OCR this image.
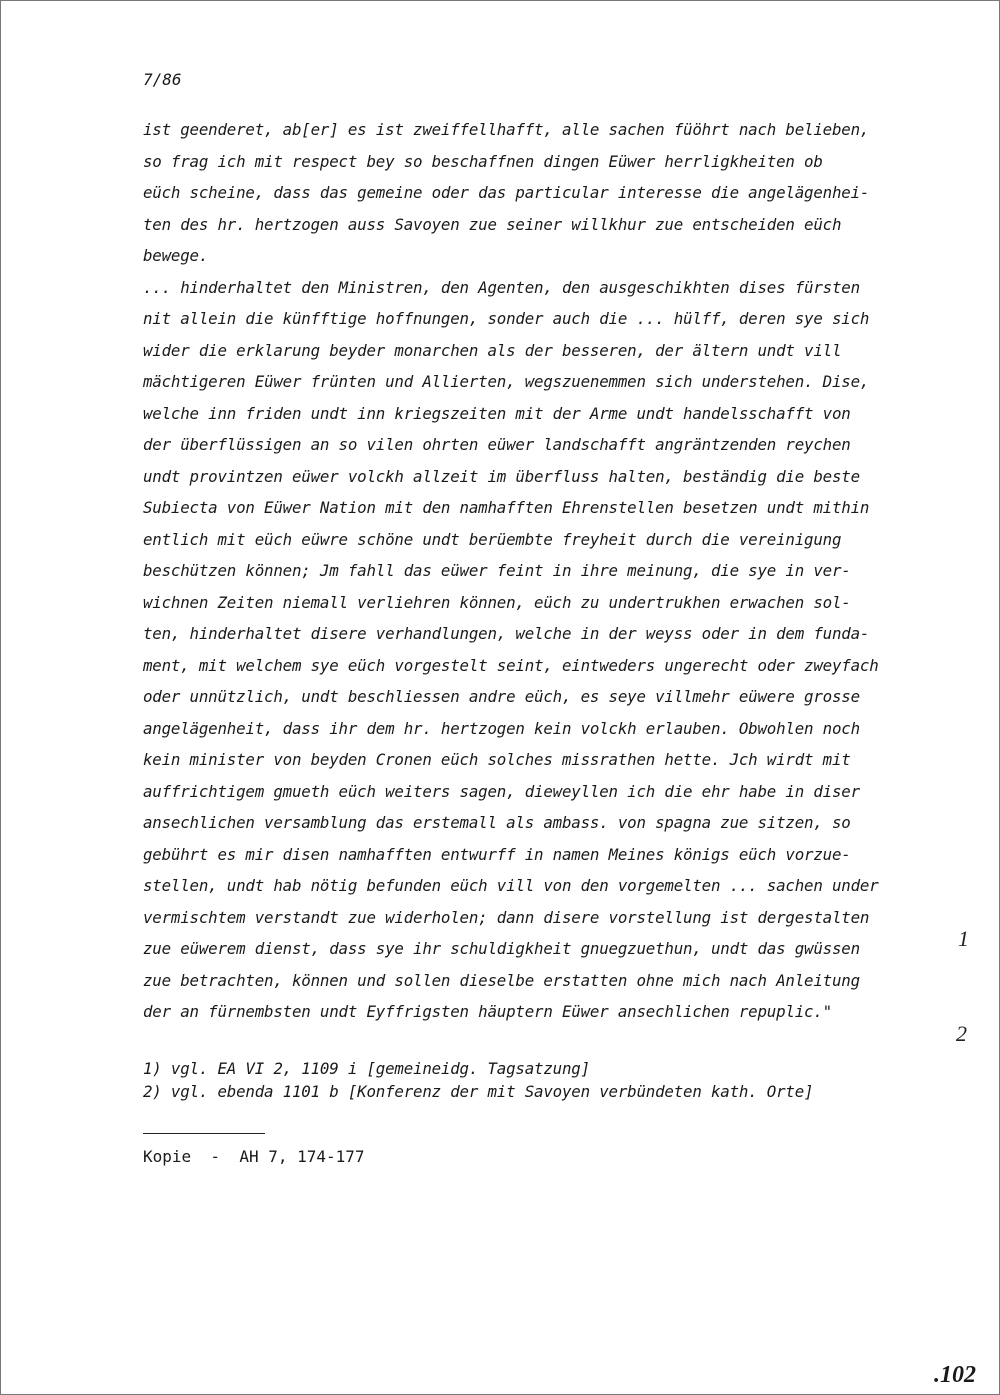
7/86
ist geenderet, ab[er] es ist zweiffellhafft, alle sachen füöhrt nach belieben,
so frag ich mit respect bey so beschaffnen dingen Eüwer herrligkheiten ob
eüch scheine, dass das gemeine oder das particular interesse die angelägenhei-
ten des hr. hertzogen auss Savoyen zue seiner willkhur zue entscheiden eüch
bewege.
... hinderhaltet den Ministren, den Agenten, den ausgeschikhten dises fürsten
nit allein die künfftige hoffnungen, sonder auch die ... hülff, deren sye sich
wider die erklarung beyder monarchen als der besseren, der ältern undt vill
mächtigeren Eüwer frünten und Allierten, wegszuenemmen sich understehen. Dise,
welche inn friden undt inn kriegszeiten mit der Arme undt handelsschafft von
der überflüssigen an so vilen ohrten eüwer landschafft angräntzenden reychen
undt provintzen eüwer volckh allzeit im überfluss halten, beständig die beste
Subiecta von Eüwer Nation mit den namhafften Ehrenstellen besetzen undt mithin
entlich mit eüch eüwre schöne undt berüembte freyheit durch die vereinigung
beschützen können; Jm fahll das eüwer feint in ihre meinung, die sye in ver-
wichnen Zeiten niemall verliehren können, eüch zu undertrukhen erwachen sol-
ten, hinderhaltet disere verhandlungen, welche in der weyss oder in dem funda-
ment, mit welchem sye eüch vorgestelt seint, eintweders ungerecht oder zweyfach
oder unnützlich, undt beschliessen andre eüch, es seye villmehr eüwere grosse
angelägenheit, dass ihr dem hr. hertzogen kein volckh erlauben. Obwohlen noch
kein minister von beyden Cronen eüch solches missrathen hette. Jch wirdt mit
auffrichtigem gmueth eüch weiters sagen, dieweyllen ich die ehr habe in diser
ansechlichen versamblung das erstemall als ambass. von spagna zue sitzen, so
gebührt es mir disen namhafften entwurff in namen Meines königs eüch vorzue-
stellen, undt hab nötig befunden eüch vill von den vorgemelten ... sachen under
vermischtem verstandt zue widerholen; dann disere vorstellung ist dergestalten
zue eüwerem dienst, dass sye ihr schuldigkheit gnuegzuethun, undt das gwüssen
zue betrachten, können und sollen dieselbe erstatten ohne mich nach Anleitung
der an fürnembsten undt Eyffrigsten häuptern Eüwer ansechlichen repuplic."
1
2
1) vgl. EA VI 2, 1109 i [gemeineidg. Tagsatzung]
2) vgl. ebenda 1101 b [Konferenz der mit Savoyen verbündeten kath. Orte]
Kopie  -  AH 7, 174-177
.102
